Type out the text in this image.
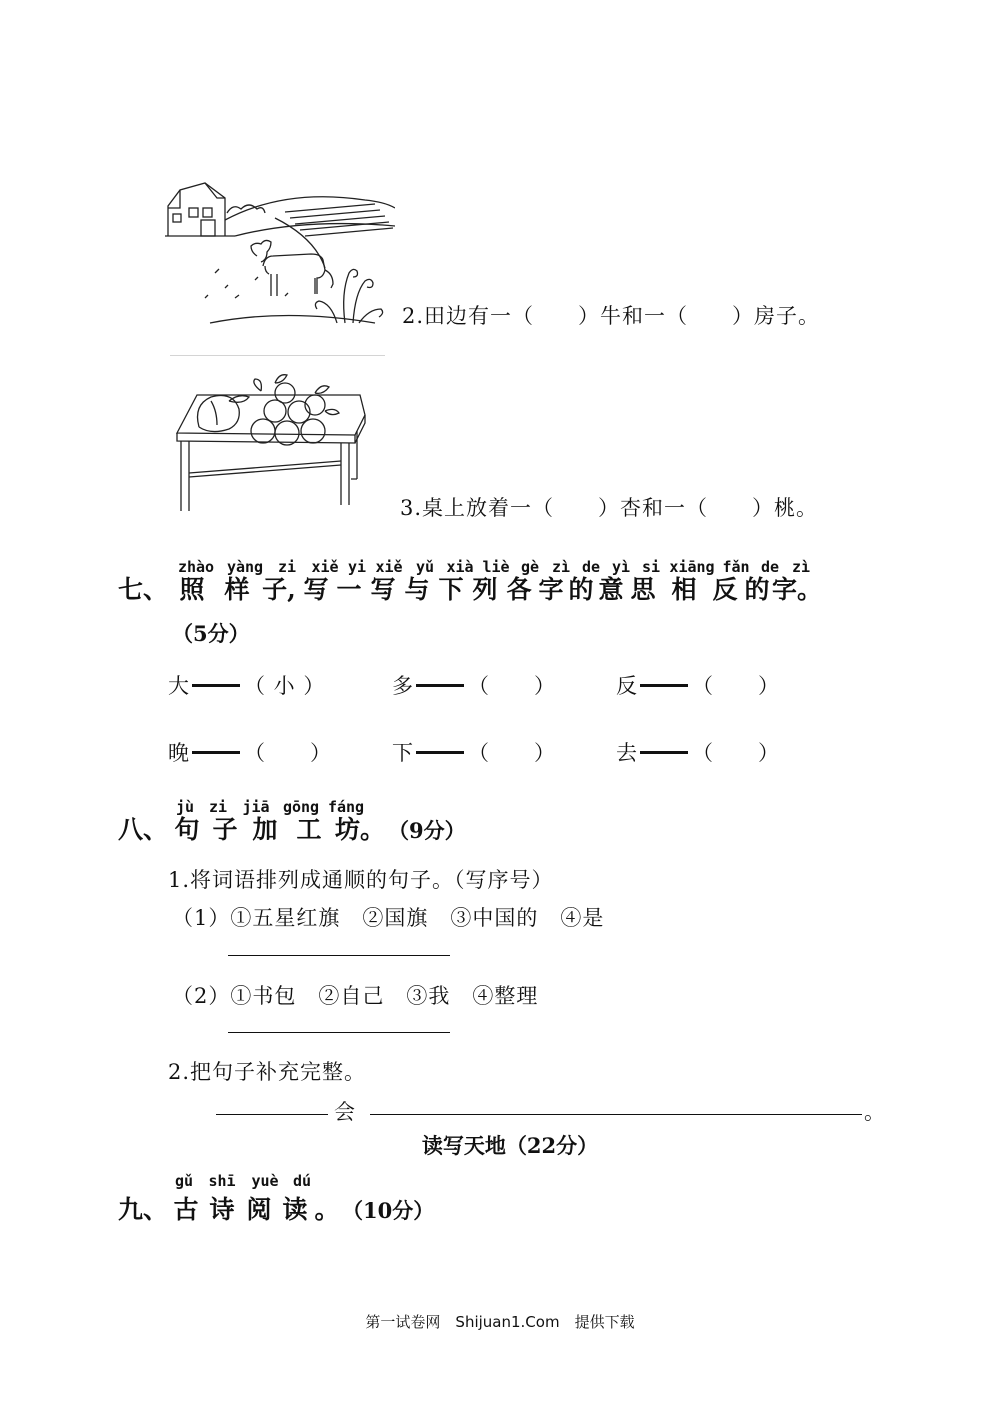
2.田边有一（　　）牛和一（　　）房子。
3.桌上放着一（　　）杏和一（　　）桃。
zhào yàng zi xiě yi xiě yǔ xià liè gè zì de yì si xiāng fǎn de zì
七、 照 样 子, 写 一 写 与 下 列 各 字 的 意 思 相 反 的 字。
（5分）
大	（ 小 ）	多	（　　）	反	（　　）
晚	（　　）	下	（　　）	去	（　　）
jù zi jiā gōng fáng
八、 句 子 加 工 坊。 （9分）
1.将词语排列成通顺的句子。（写序号）
（1）①五星红旗　②国旗　③中国的　④是
（2）①书包　②自己　③我　④整理
2.把句子补充完整。
会	。
读写天地（22分）
gǔ shī yuè dú
九、 古 诗 阅 读 。 （10分）
第一试卷网　Shijuan1.Com　提供下载
